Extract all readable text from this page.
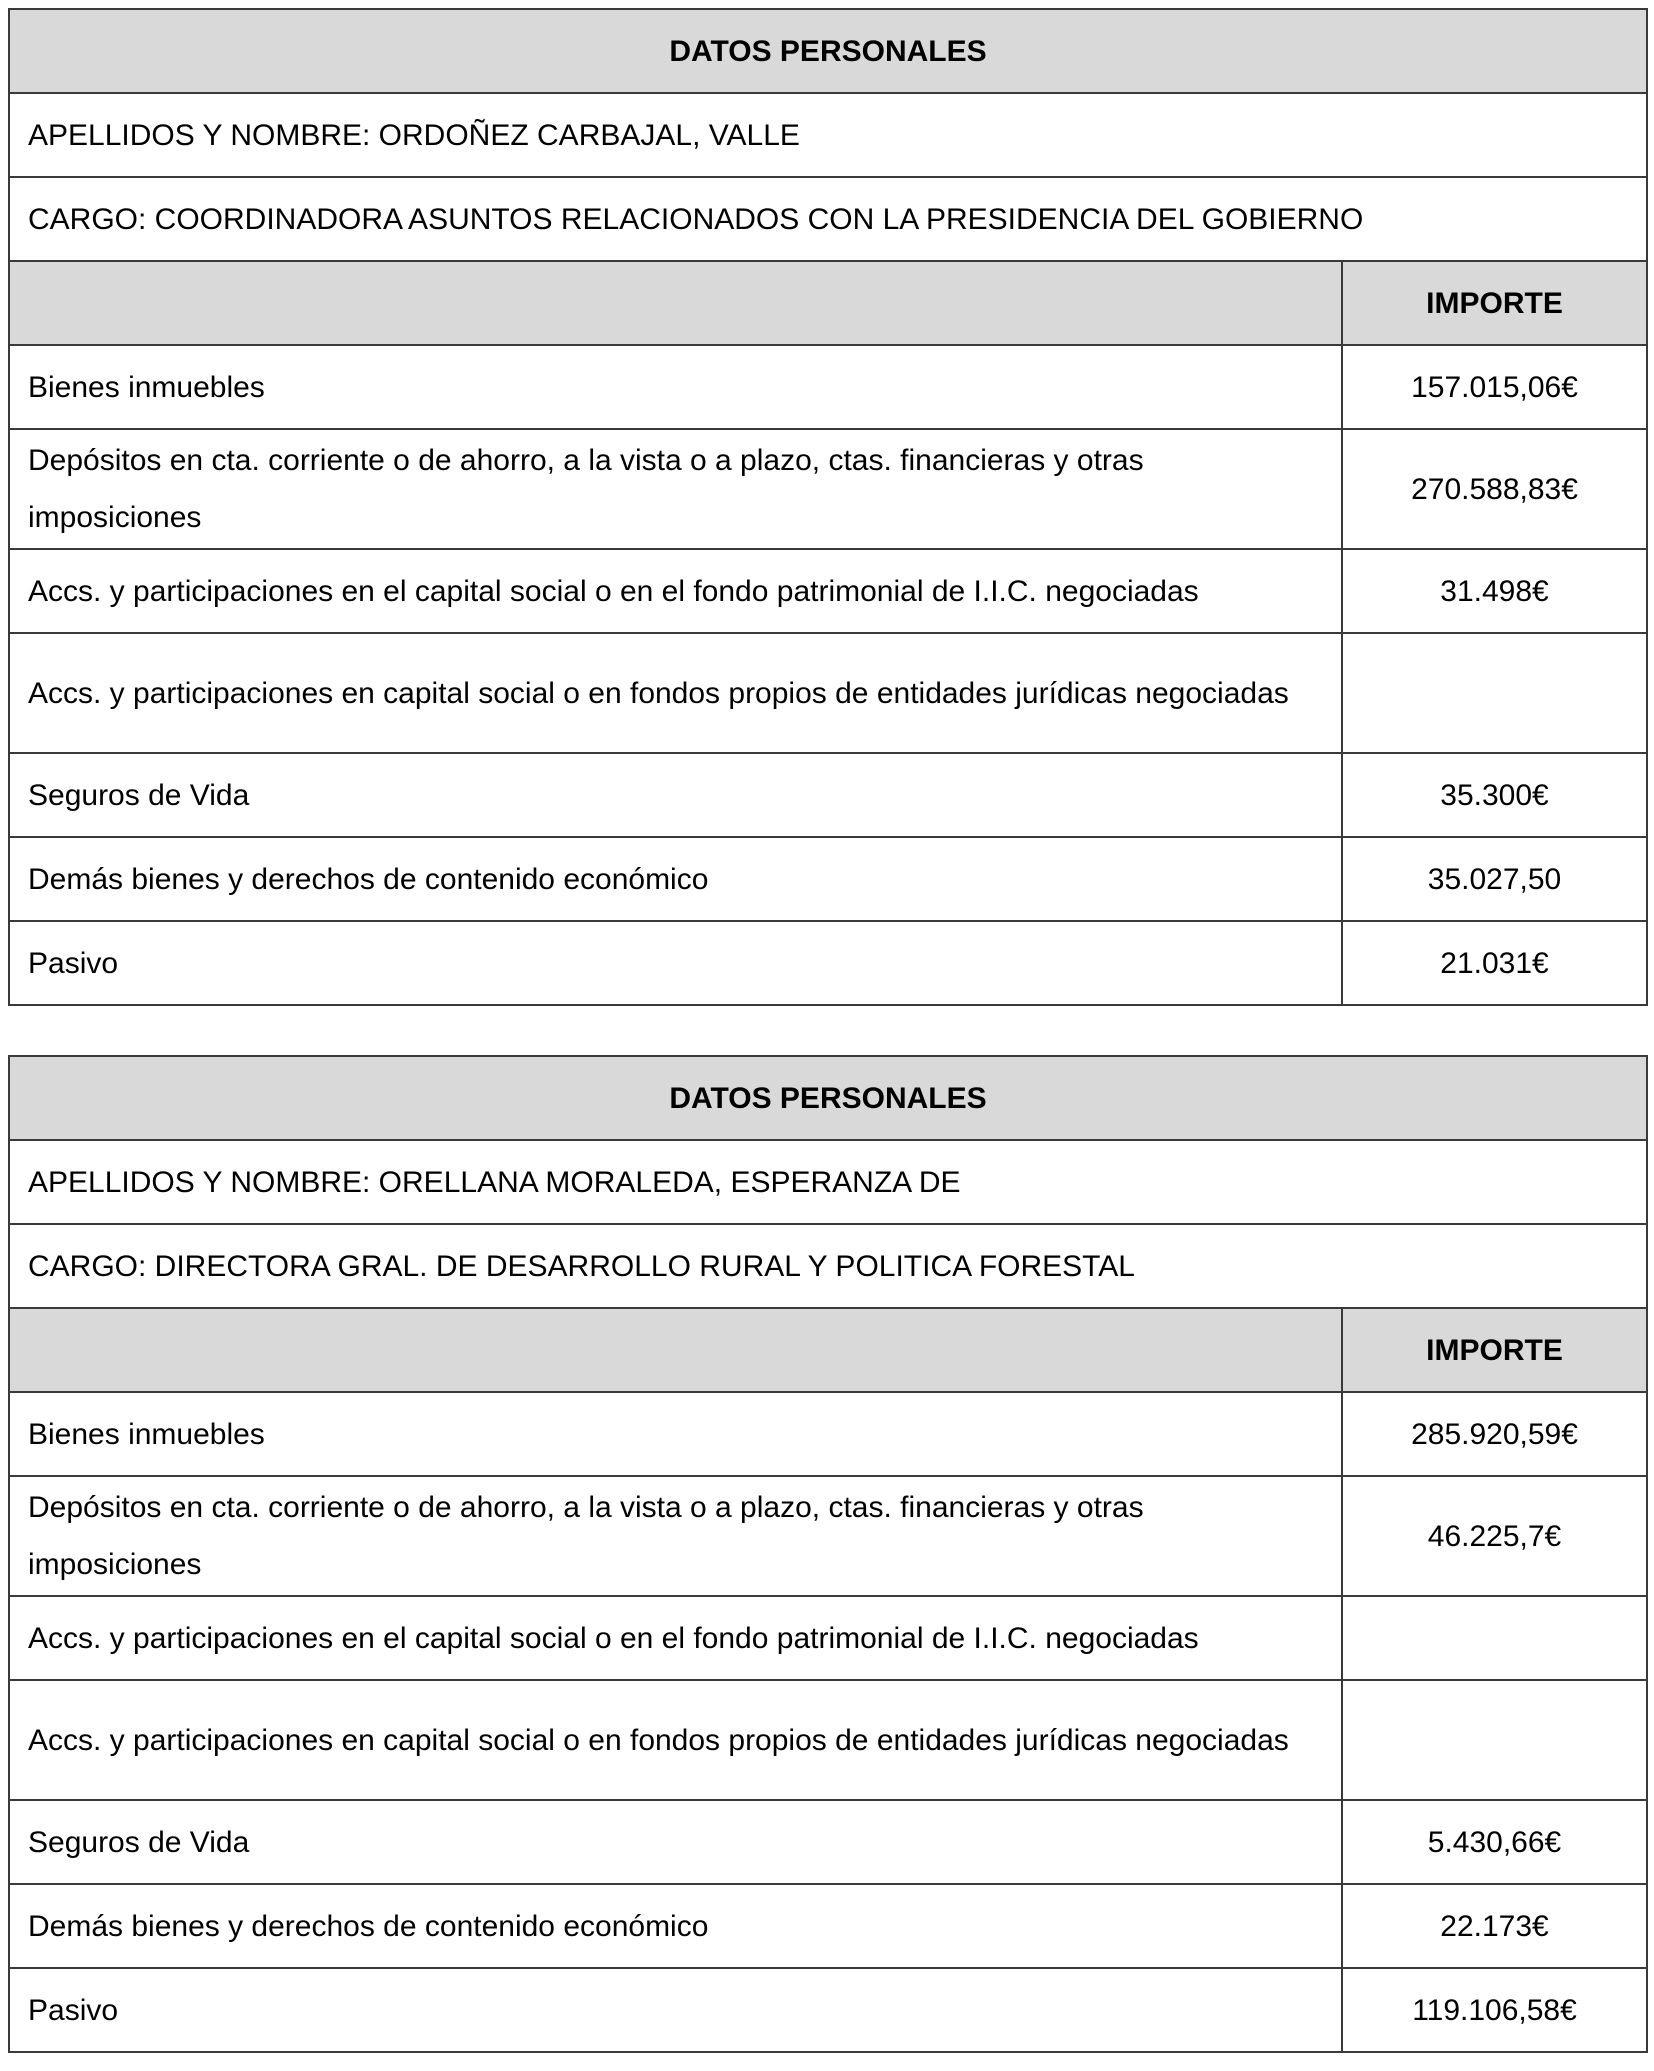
DATOS PERSONALES	
APELLIDOS Y NOMBRE: ORDOÑEZ CARBAJAL, VALLE	
CARGO: COORDINADORA ASUNTOS RELACIONADOS CON LA PRESIDENCIA DEL GOBIERNO	
	IMPORTE
Bienes inmuebles	157.015,06€
Depósitos en cta. corriente o de ahorro, a la vista o a plazo, ctas. financieras y otras imposiciones	270.588,83€
Accs. y participaciones en el capital social o en el fondo patrimonial de I.I.C. negociadas	31.498€
Accs. y participaciones en capital social o en fondos propios de entidades jurídicas negociadas	
Seguros de Vida	35.300€
Demás bienes y derechos de contenido económico	35.027,50
Pasivo	21.031€
DATOS PERSONALES	
APELLIDOS Y NOMBRE: ORELLANA MORALEDA, ESPERANZA DE	
CARGO: DIRECTORA GRAL. DE DESARROLLO RURAL Y POLITICA FORESTAL	
	IMPORTE
Bienes inmuebles	285.920,59€
Depósitos en cta. corriente o de ahorro, a la vista o a plazo, ctas. financieras y otras imposiciones	46.225,7€
Accs. y participaciones en el capital social o en el fondo patrimonial de I.I.C. negociadas	
Accs. y participaciones en capital social o en fondos propios de entidades jurídicas negociadas	
Seguros de Vida	5.430,66€
Demás bienes y derechos de contenido económico	22.173€
Pasivo	119.106,58€
